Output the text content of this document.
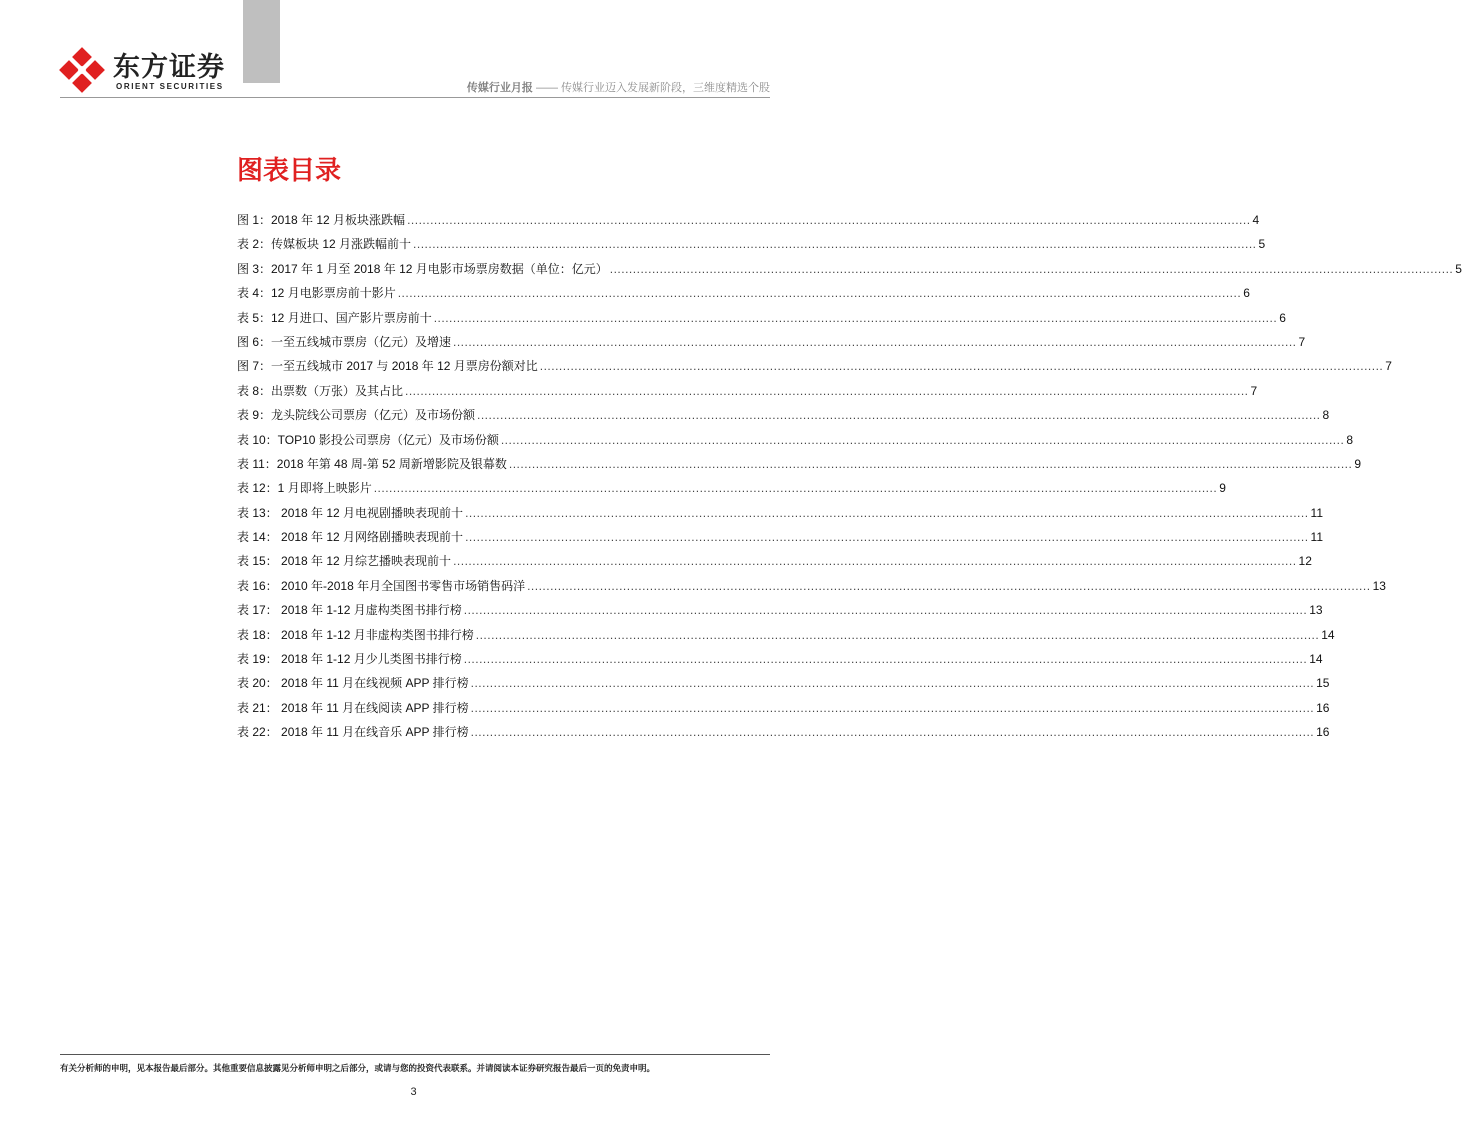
东方证券
ORIENT SECURITIES	传媒行业月报 —— 传媒行业迈入发展新阶段，三维度精选个股
图表目录
图 1：2018 年 12 月板块涨跌幅 ............................................................................................................................................................................................................................ 4
表 2：传媒板块 12 月涨跌幅前十 ............................................................................................................................................................................................................................ 5
图 3：2017 年 1 月至 2018 年 12 月电影市场票房数据（单位：亿元） ............................................................................................................................................................................................................................ 5
表 4：12 月电影票房前十影片 ............................................................................................................................................................................................................................ 6
表 5：12 月进口、国产影片票房前十 ............................................................................................................................................................................................................................ 6
图 6：一至五线城市票房（亿元）及增速 ............................................................................................................................................................................................................................ 7
图 7：一至五线城市 2017 与 2018 年 12 月票房份额对比 ............................................................................................................................................................................................................................ 7
表 8：出票数（万张）及其占比 ............................................................................................................................................................................................................................ 7
表 9：龙头院线公司票房（亿元）及市场份额 ............................................................................................................................................................................................................................ 8
表 10：TOP10 影投公司票房（亿元）及市场份额 ............................................................................................................................................................................................................................ 8
表 11：2018 年第 48 周-第 52 周新增影院及银幕数 ............................................................................................................................................................................................................................ 9
表 12：1 月即将上映影片 ............................................................................................................................................................................................................................ 9
表 13： 2018 年 12 月电视剧播映表现前十 ............................................................................................................................................................................................................................ 11
表 14： 2018 年 12 月网络剧播映表现前十 ............................................................................................................................................................................................................................ 11
表 15： 2018 年 12 月综艺播映表现前十 ............................................................................................................................................................................................................................ 12
表 16： 2010 年-2018 年月全国图书零售市场销售码洋 ............................................................................................................................................................................................................................ 13
表 17： 2018 年 1-12 月虚构类图书排行榜 ............................................................................................................................................................................................................................ 13
表 18： 2018 年 1-12 月非虚构类图书排行榜 ............................................................................................................................................................................................................................ 14
表 19： 2018 年 1-12 月少儿类图书排行榜 ............................................................................................................................................................................................................................ 14
表 20： 2018 年 11 月在线视频 APP 排行榜 ............................................................................................................................................................................................................................ 15
表 21： 2018 年 11 月在线阅读 APP 排行榜 ............................................................................................................................................................................................................................ 16
表 22： 2018 年 11 月在线音乐 APP 排行榜 ............................................................................................................................................................................................................................ 16
有关分析师的申明，见本报告最后部分。其他重要信息披露见分析师申明之后部分，或请与您的投资代表联系。并请阅读本证券研究报告最后一页的免责申明。
3
